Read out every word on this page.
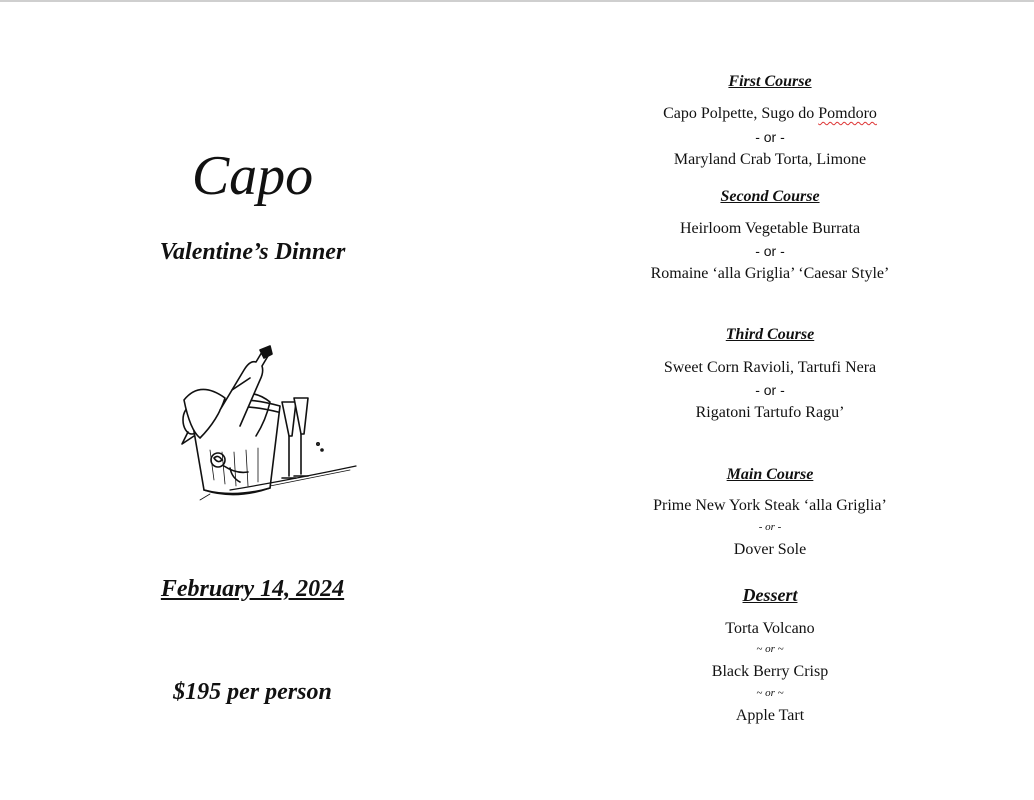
Capo
Valentine’s Dinner
February 14, 2024
$195 per person
First Course
Capo Polpette, Sugo do Pomdoro
- or -
Maryland Crab Torta, Limone
Second Course
Heirloom Vegetable Burrata
- or -
Romaine ‘alla Griglia’ ‘Caesar Style’
Third Course
Sweet Corn Ravioli, Tartufi Nera
- or -
Rigatoni Tartufo Ragu’
Main Course
Prime New York Steak ‘alla Griglia’
- or -
Dover Sole
Dessert
Torta Volcano
~ or ~
Black Berry Crisp
~ or ~
Apple Tart
